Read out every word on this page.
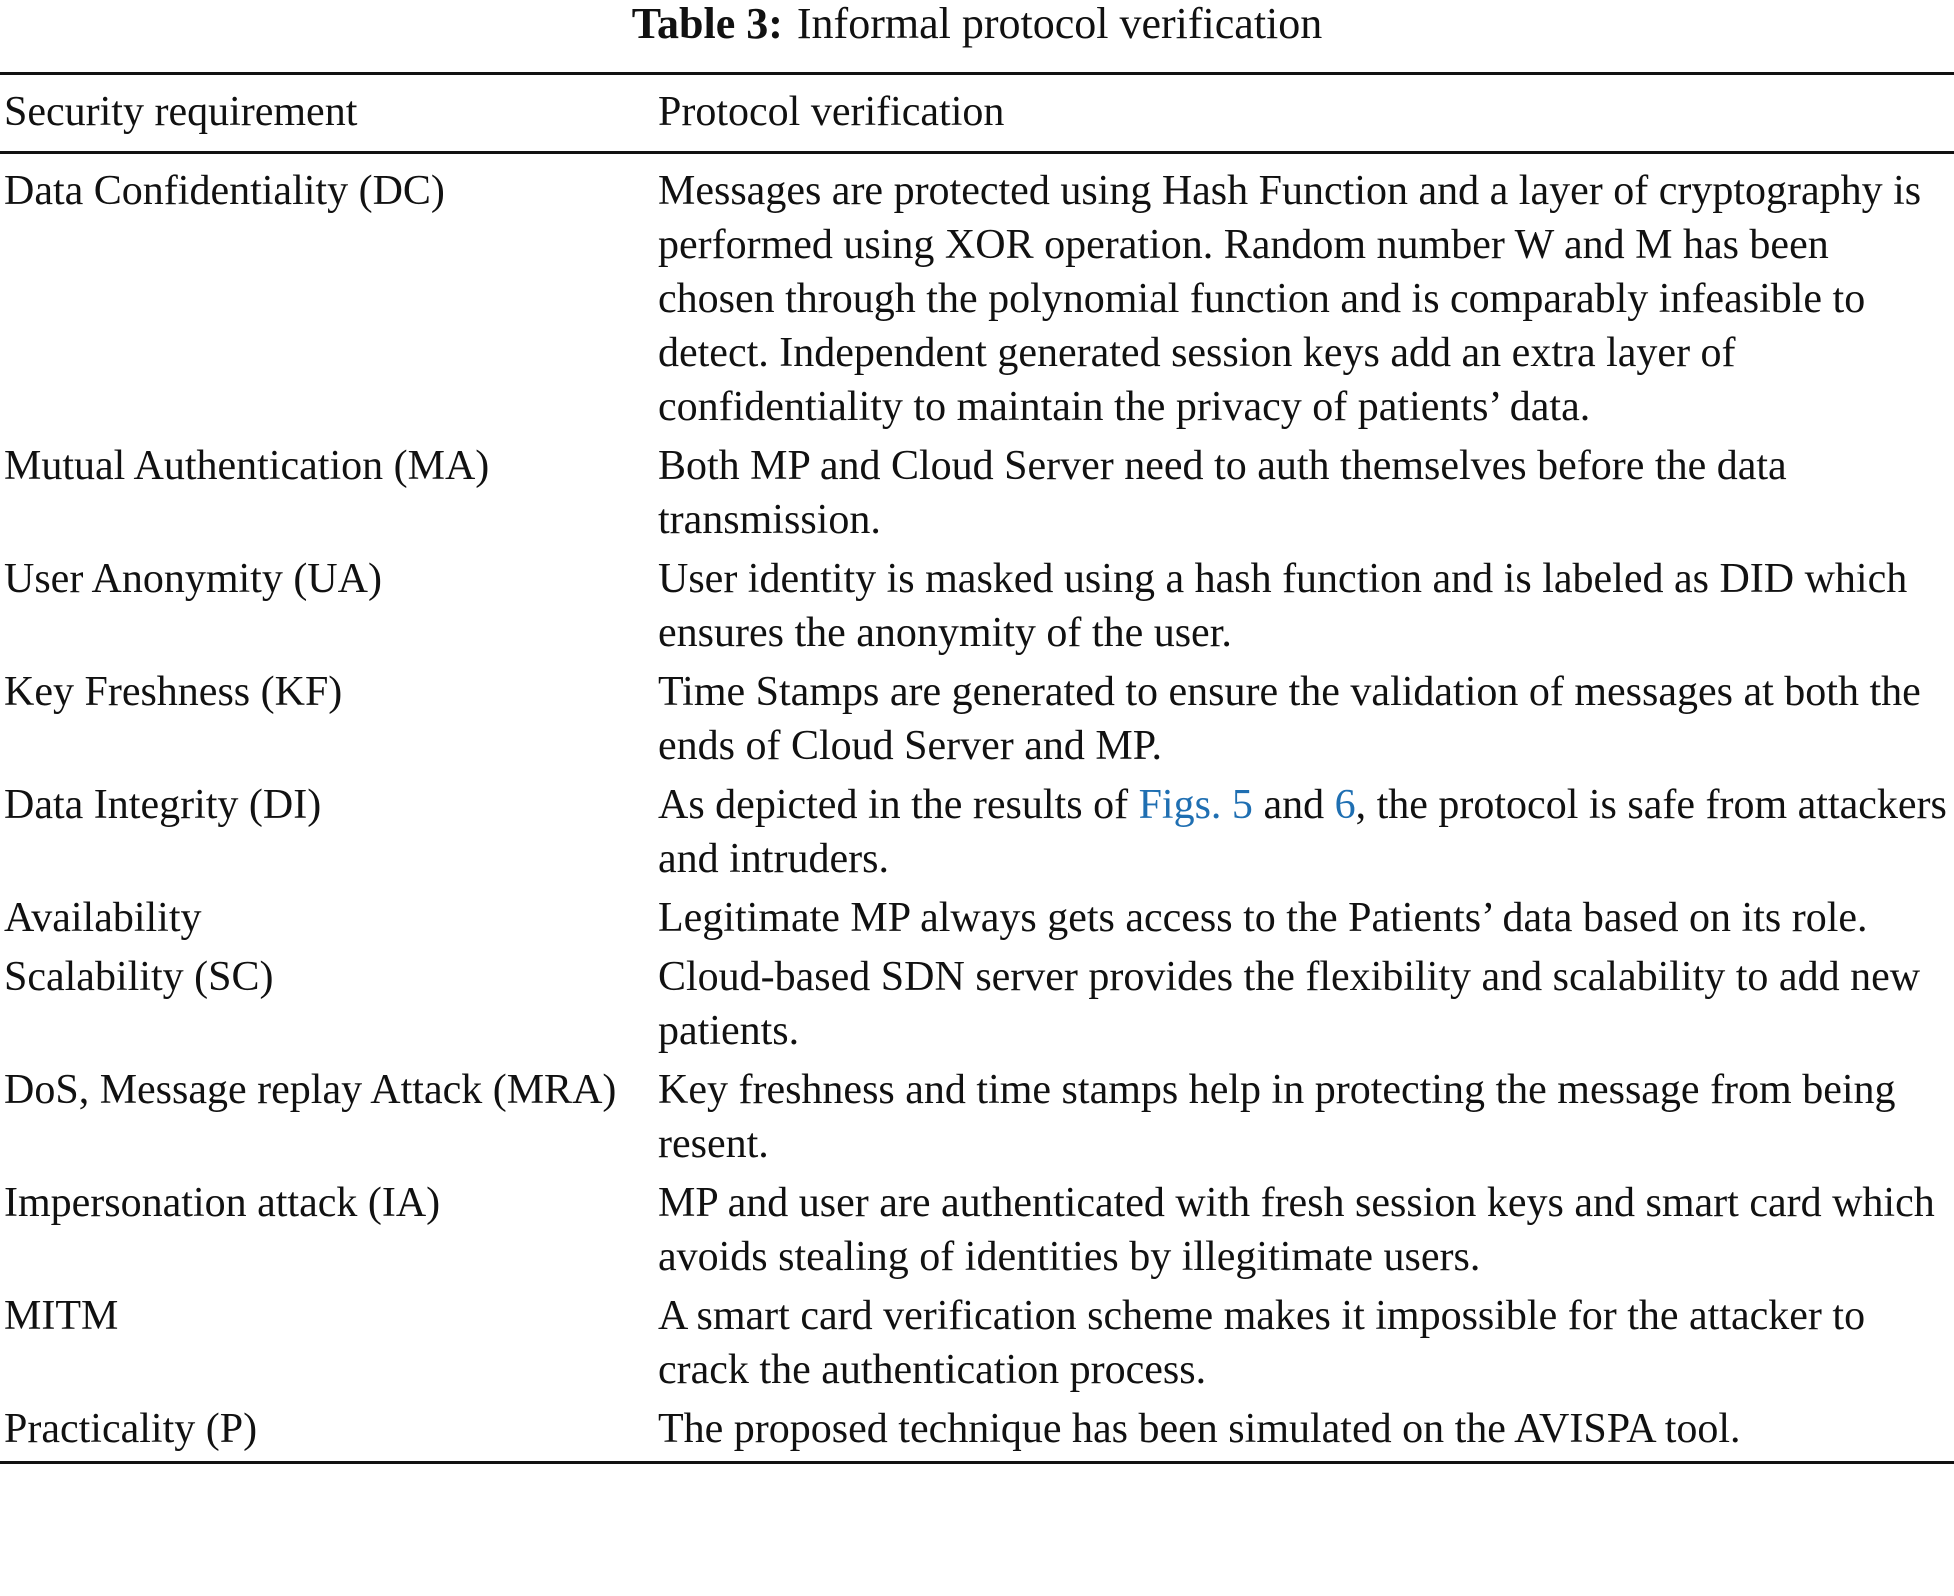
Table 3: Informal protocol verification
Security requirement	Protocol verification
Data Confidentiality (DC)	Messages are protected using Hash Function and a layer of cryptography is performed using XOR operation. Random number W and M has been chosen through the polynomial function and is comparably infeasible to detect. Independent generated session keys add an extra layer of confidentiality to maintain the privacy of patients’ data.
Mutual Authentication (MA)	Both MP and Cloud Server need to auth themselves before the data transmission.
User Anonymity (UA)	User identity is masked using a hash function and is labeled as DID which ensures the anonymity of the user.
Key Freshness (KF)	Time Stamps are generated to ensure the validation of messages at both the ends of Cloud Server and MP.
Data Integrity (DI)	As depicted in the results of Figs. 5 and 6, the protocol is safe from attackers and intruders.
Availability	Legitimate MP always gets access to the Patients’ data based on its role.
Scalability (SC)	Cloud-based SDN server provides the flexibility and scalability to add new patients.
DoS, Message replay Attack (MRA)	Key freshness and time stamps help in protecting the message from being resent.
Impersonation attack (IA)	MP and user are authenticated with fresh session keys and smart card which avoids stealing of identities by illegitimate users.
MITM	A smart card verification scheme makes it impossible for the attacker to crack the authentication process.
Practicality (P)	The proposed technique has been simulated on the AVISPA tool.
